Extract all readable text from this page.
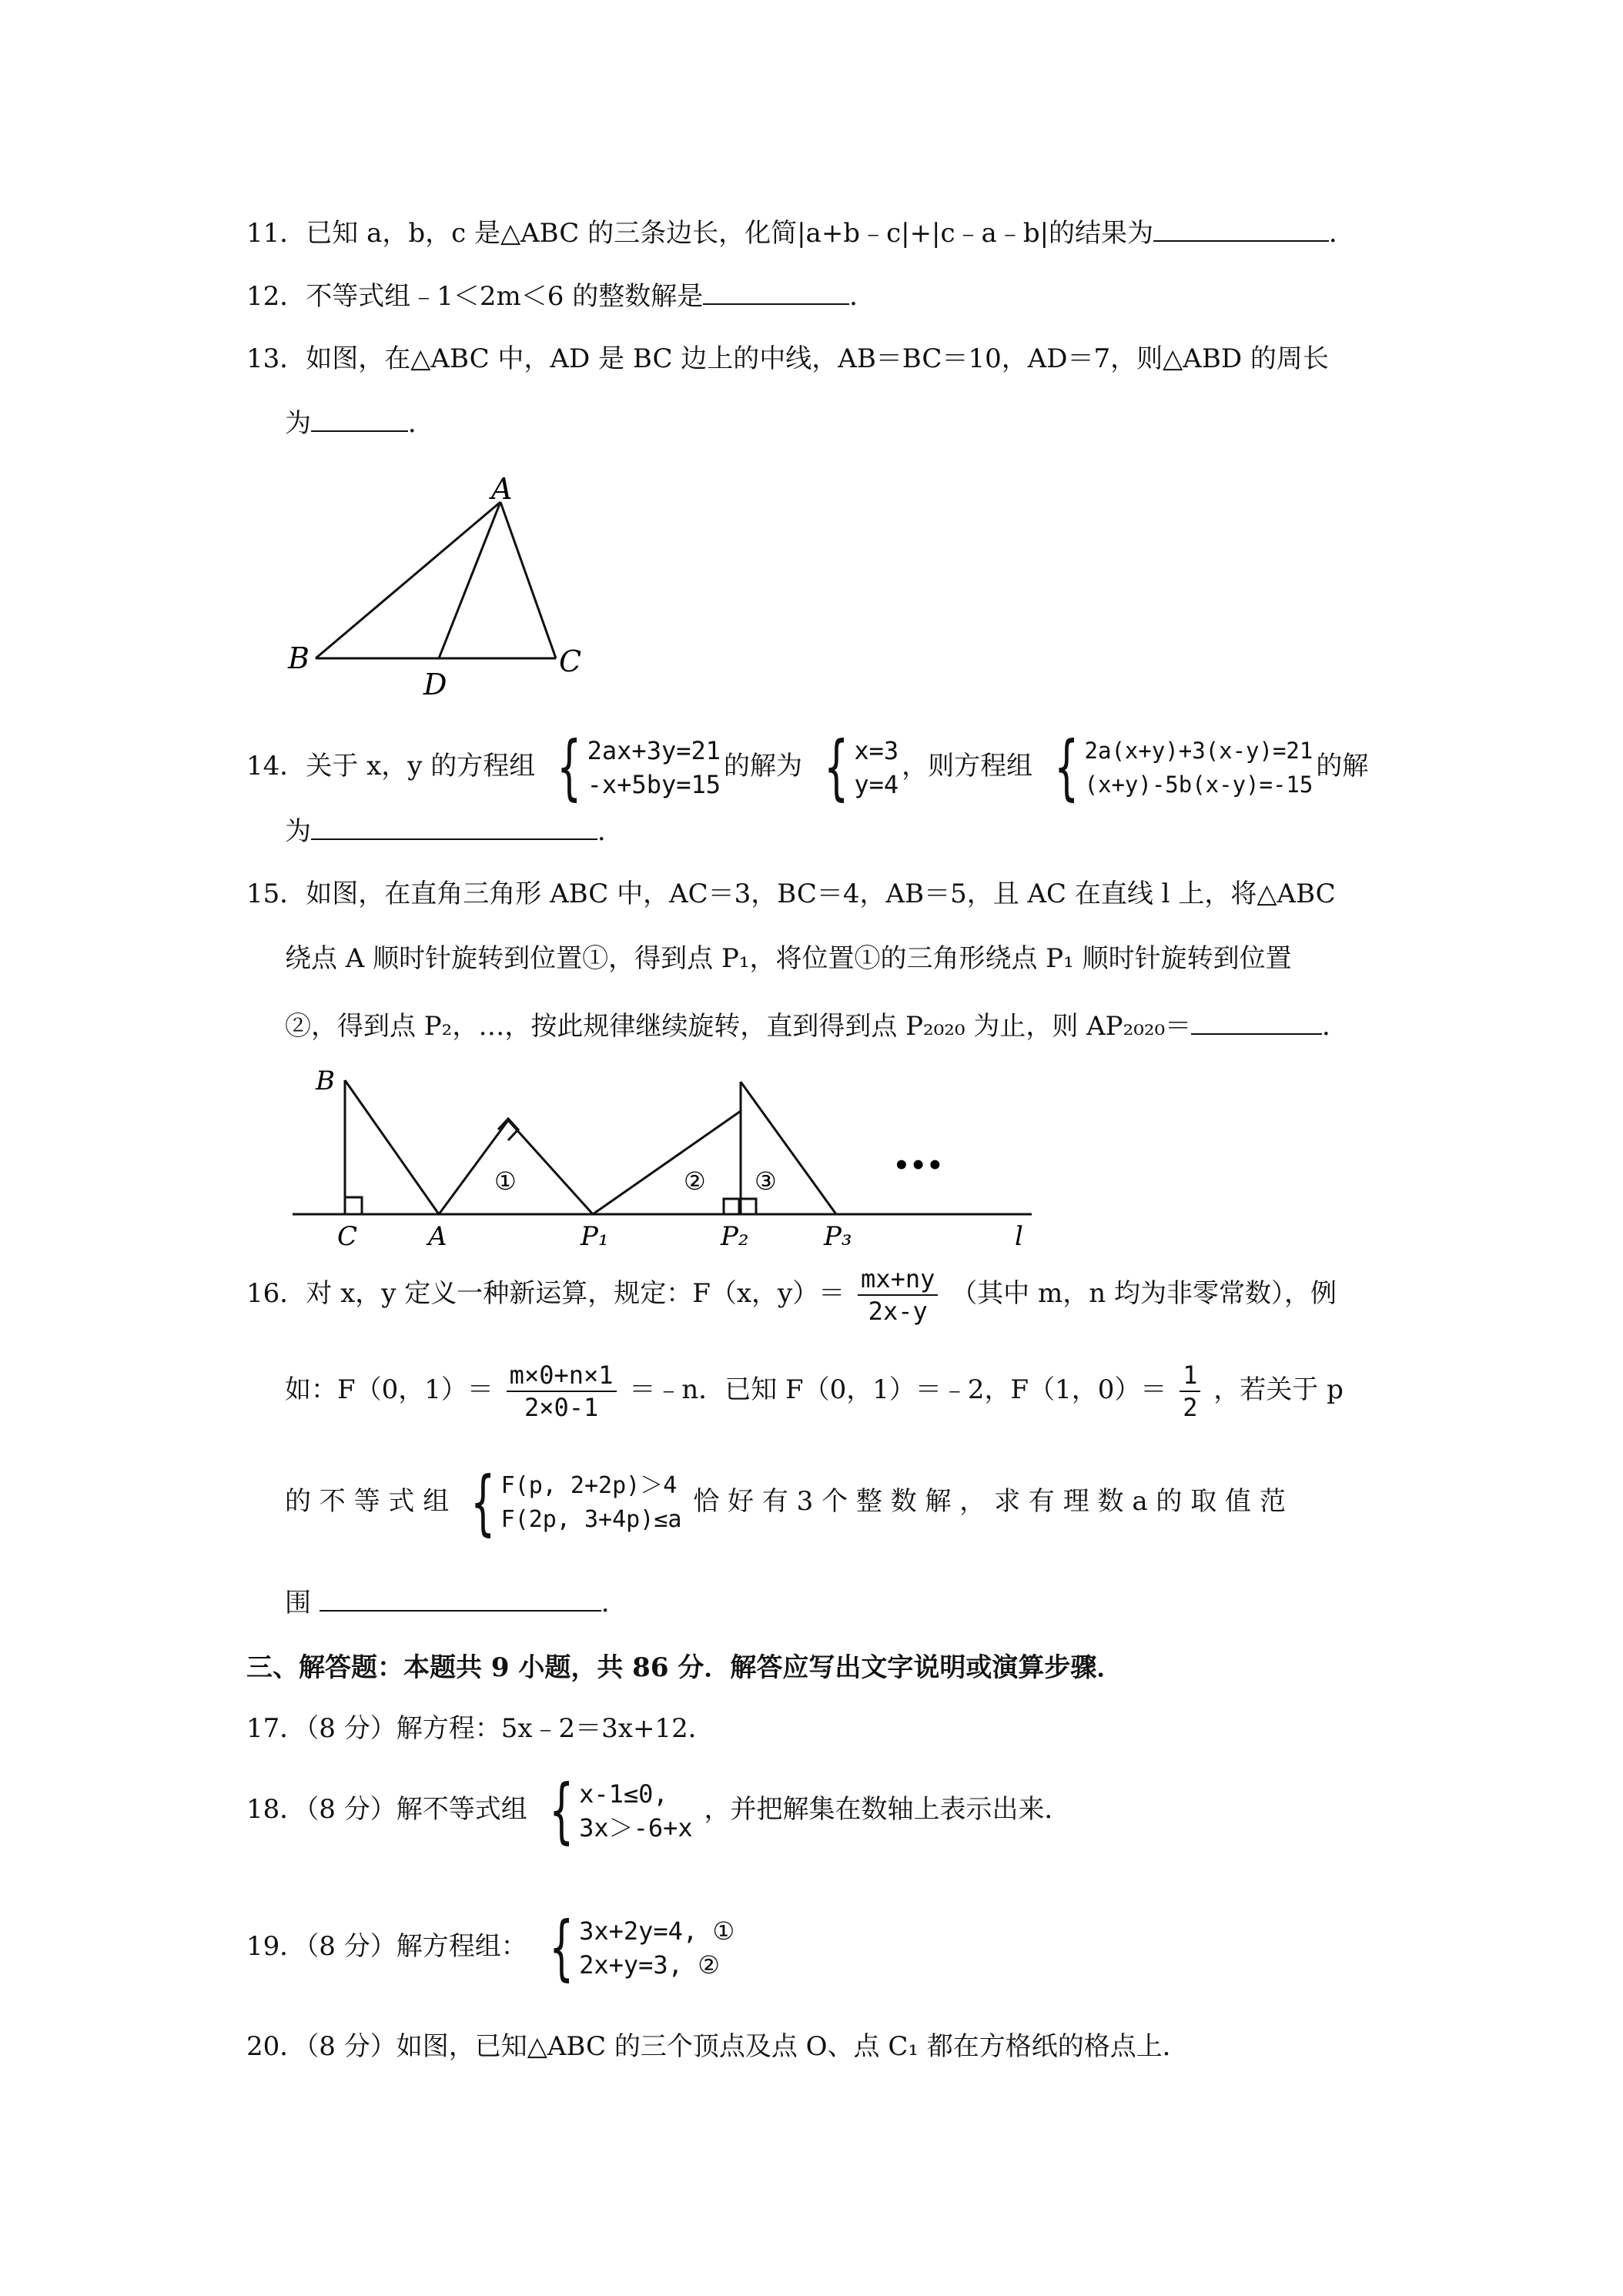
11．已知 a，b，c 是△ABC 的三条边长，化简|a+b﹣c|+|c﹣a﹣b|的结果为	．
12．不等式组﹣1＜2m＜6 的整数解是	．
13．如图，在△ABC 中，AD 是 BC 边上的中线，AB＝BC＝10，AD＝7，则△ABD 的周长
为	．
A
B	C
D
14．关于 x，y 的方程组 { 2ax+3y=21
-x+5by=15
的解为 { x=3
y=4
，则方程组 { 2a(x+y)+3(x-y)=21
(x+y)-5b(x-y)=-15
的解
为	．
15．如图，在直角三角形 ABC 中，AC＝3，BC＝4，AB＝5，且 AC 在直线 l 上，将△ABC
绕点 A 顺时针旋转到位置①，得到点 P₁，将位置①的三角形绕点 P₁ 顺时针旋转到位置
②，得到点 P₂，…，按此规律继续旋转，直到得到点 P₂₀₂₀ 为止，则 AP₂₀₂₀＝	．
B
C	A	P₁	P₂	P₃	l
①	② ③	•••
16．对 x，y 定义一种新运算，规定：F（x，$y)= \frac{mx+ny}{2x-y}$ （其中 m，n 均为非零常数），例
如：F（0，$1)= \frac{m\times 0+n\times 1}{2\times 0-1}$ ＝﹣n．已知 F（0，1）＝﹣2，F（1，$0)= \frac{1}{2}$ ，若关于 p
的 不 等 式 组 { F(p, 2+2p)＞4
F(2p, 3+4p)≤a
恰 好 有 3 个 整 数 解 ， 求 有 理 数 a 的 取 值 范
围	．
三、解答题：本题共 9 小题，共 86 分．解答应写出文字说明或演算步骤．
17．（8 分）解方程：5x﹣2＝3x+12．
18．（8 分）解不等式组 { x-1≤0,
3x＞-6+x
，并把解集在数轴上表示出来．
19．（8 分）解方程组： { 3x+2y=4, ①
2x+y=3, ②
20．（8 分）如图，已知△ABC 的三个顶点及点 O、点 C₁ 都在方格纸的格点上．
